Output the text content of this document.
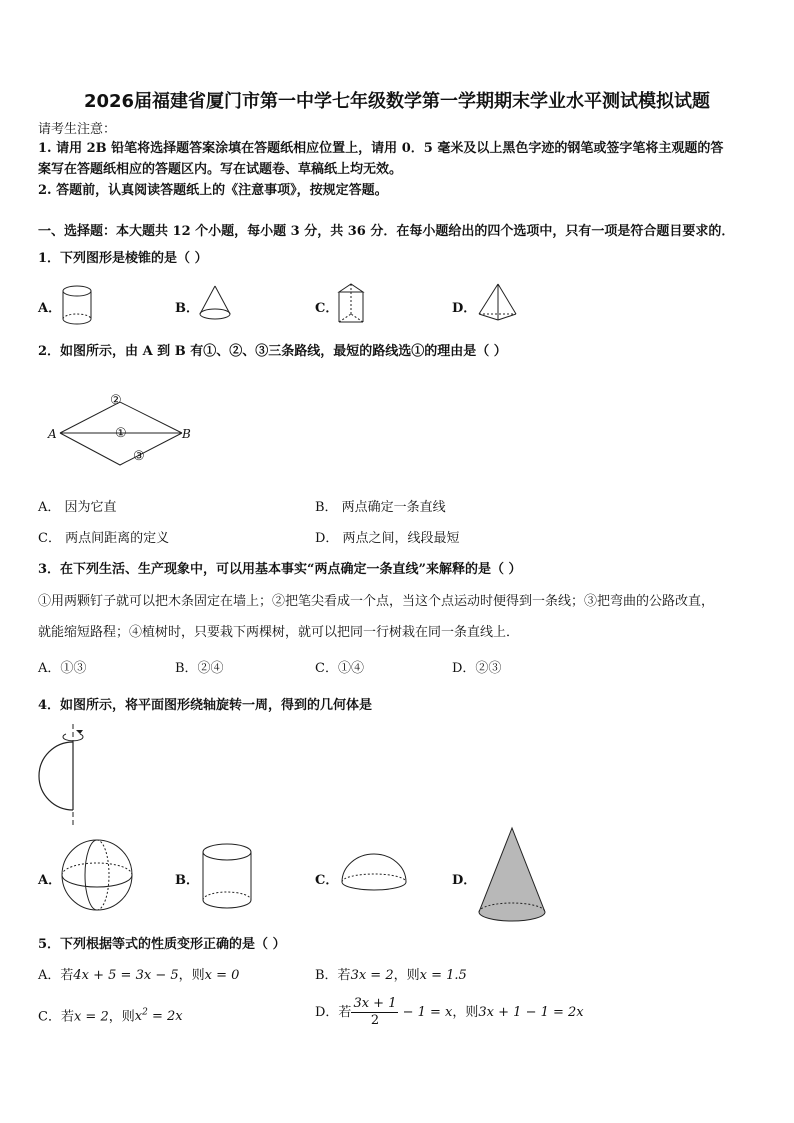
2026届福建省厦门市第一中学七年级数学第一学期期末学业水平测试模拟试题
请考生注意：
1. 请用 2B 铅笔将选择题答案涂填在答题纸相应位置上，请用 0．5 毫米及以上黑色字迹的钢笔或签字笔将主观题的答
案写在答题纸相应的答题区内。写在试题卷、草稿纸上均无效。
2. 答题前，认真阅读答题纸上的《注意事项》，按规定答题。
一、选择题：本大题共 12 个小题，每小题 3 分，共 36 分．在每小题给出的四个选项中，只有一项是符合题目要求的．
1．下列图形是棱锥的是（ ）
A．	B．	C．	D．
2．如图所示，由 A 到 B 有①、②、③三条路线，最短的路线选①的理由是（ ）
A	B
②
①
③
A． 因为它直	B． 两点确定一条直线
C． 两点间距离的定义	D． 两点之间，线段最短
3．在下列生活、生产现象中，可以用基本事实“两点确定一条直线”来解释的是（ ）
①用两颗钉子就可以把木条固定在墙上；②把笔尖看成一个点，当这个点运动时便得到一条线；③把弯曲的公路改直，
就能缩短路程；④植树时，只要栽下两棵树，就可以把同一行树栽在同一条直线上．
A．①③	B．②④	C．①④	D．②③
4．如图所示，将平面图形绕轴旋转一周，得到的几何体是
A．	B．	C．	D．
5．下列根据等式的性质变形正确的是（ ）
A．若4x + 5 = 3x − 5，则x = 0	B．若3x = 2，则x = 1.5
C．若x = 2，则$x^2 = 2x$	D．若 $\frac{3x + 1}{2} - 1 = x$，则3x + 1 − 1 = 2x
